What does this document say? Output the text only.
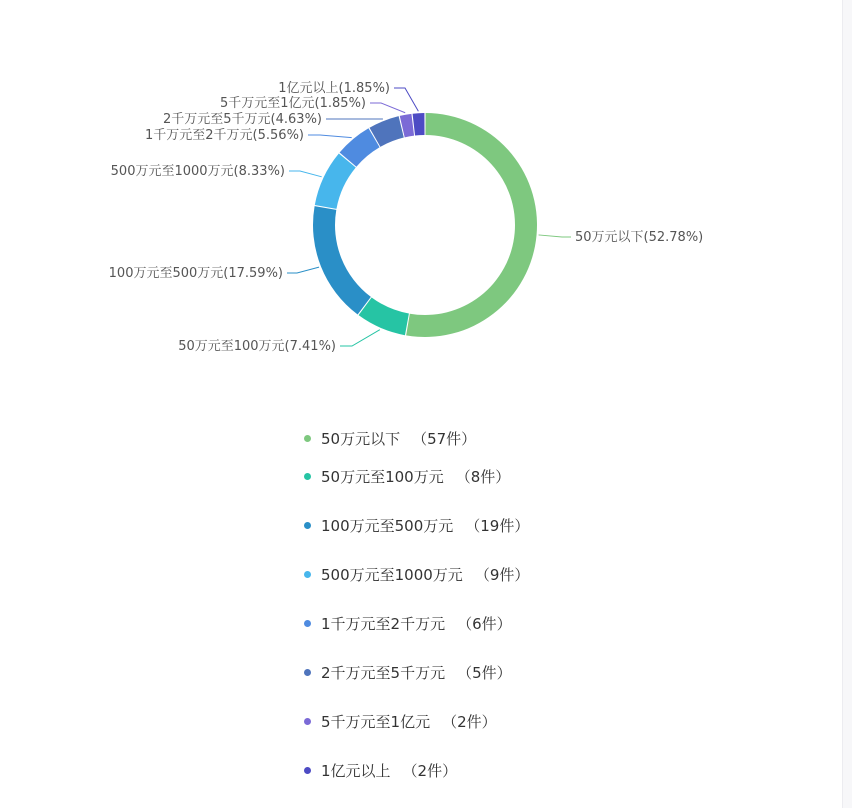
50万元以下(52.78%)
50万元至100万元(7.41%)
100万元至500万元(17.59%)
500万元至1000万元(8.33%)
1千万元至2千万元(5.56%)
2千万元至5千万元(4.63%)
5千万元至1亿元(1.85%)
1亿元以上(1.85%)
50万元以下 （57件）
50万元至100万元 （8件）
100万元至500万元 （19件）
500万元至1000万元 （9件）
1千万元至2千万元 （6件）
2千万元至5千万元 （5件）
5千万元至1亿元 （2件）
1亿元以上 （2件）
